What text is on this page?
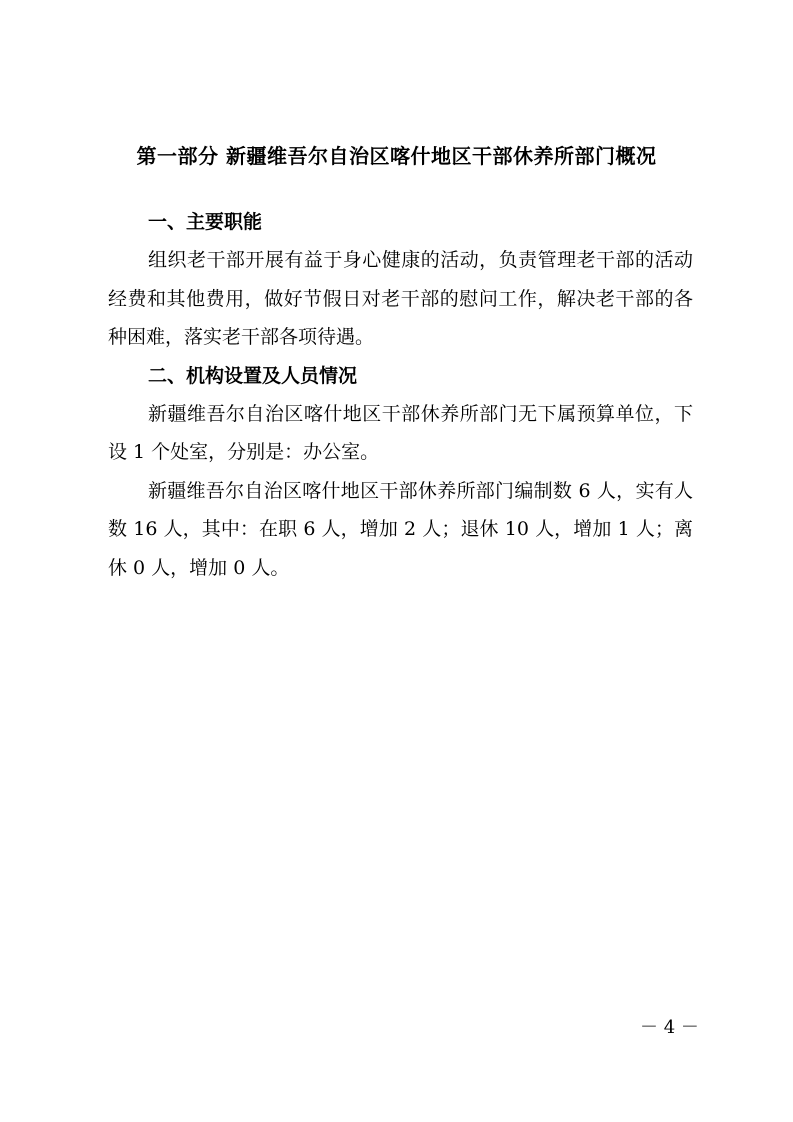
第一部分 新疆维吾尔自治区喀什地区干部休养所部门概况

一、主要职能

组织老干部开展有益于身心健康的活动，负责管理老干部的活动经费和其他费用，做好节假日对老干部的慰问工作，解决老干部的各种困难，落实老干部各项待遇。

二、机构设置及人员情况

新疆维吾尔自治区喀什地区干部休养所部门无下属预算单位，下设 1 个处室，分别是：办公室。

新疆维吾尔自治区喀什地区干部休养所部门编制数 6 人，实有人数 16 人，其中：在职 6 人，增加 2 人；退休 10 人，增加 1 人；离休 0 人，增加 0 人。

－ 4 －
